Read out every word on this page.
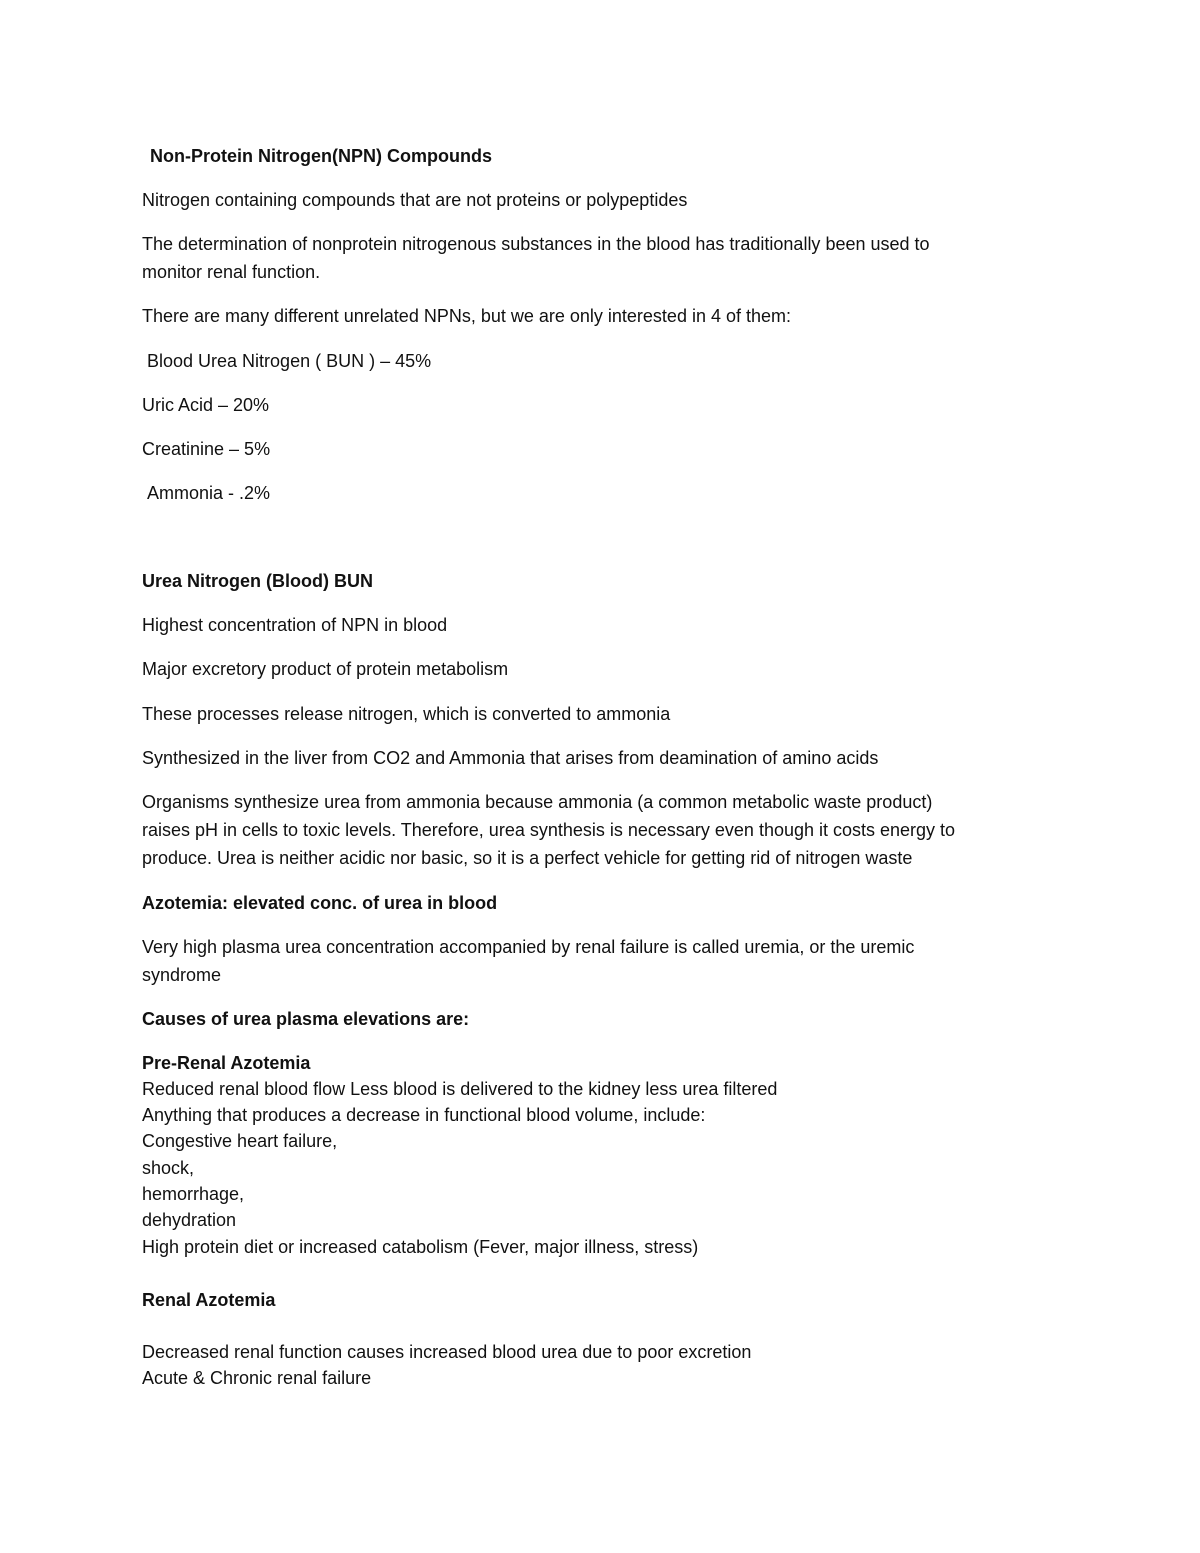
Non-Protein Nitrogen(NPN) Compounds
Nitrogen containing compounds that are not proteins or polypeptides
The determination of nonprotein nitrogenous substances in the blood has traditionally been used to
monitor renal function.
There are many different unrelated NPNs, but we are only interested in 4 of them:
Blood Urea Nitrogen ( BUN ) – 45%
Uric Acid – 20%
Creatinine – 5%
Ammonia - .2%
Urea Nitrogen (Blood) BUN
Highest concentration of NPN in blood
Major excretory product of protein metabolism
These processes release nitrogen, which is converted to ammonia
Synthesized in the liver from CO2 and Ammonia that arises from deamination of amino acids
Organisms synthesize urea from ammonia because ammonia (a common metabolic waste product)
raises pH in cells to toxic levels. Therefore, urea synthesis is necessary even though it costs energy to
produce. Urea is neither acidic nor basic, so it is a perfect vehicle for getting rid of nitrogen waste
Azotemia: elevated conc. of urea in blood
Very high plasma urea concentration accompanied by renal failure is called uremia, or the uremic
syndrome
Causes of urea plasma elevations are:
Pre-Renal Azotemia
Reduced renal blood flow Less blood is delivered to the kidney less urea filtered
Anything that produces a decrease in functional blood volume, include:
Congestive heart failure,
shock,
hemorrhage,
dehydration
High protein diet or increased catabolism (Fever, major illness, stress)
Renal Azotemia
Decreased renal function causes increased blood urea due to poor excretion
Acute & Chronic renal failure
